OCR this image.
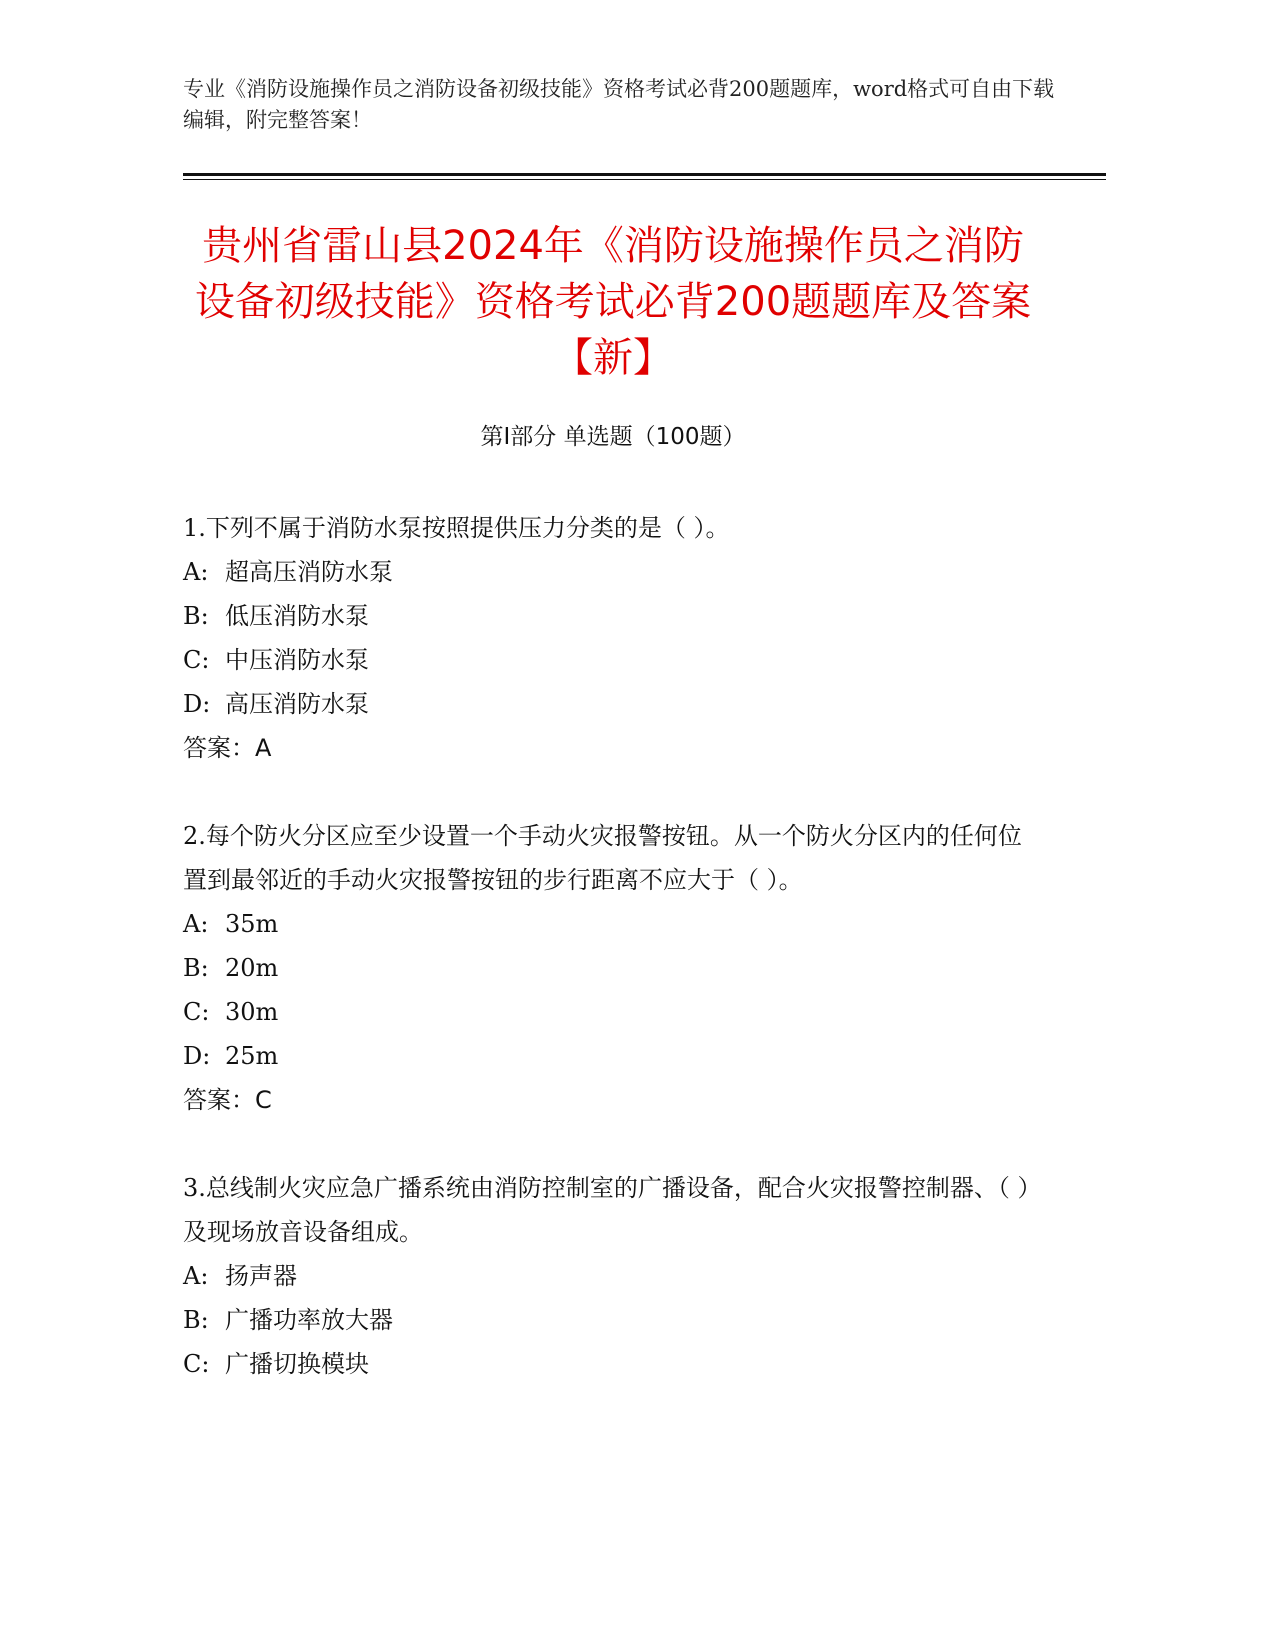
专业《消防设施操作员之消防设备初级技能》资格考试必背200题题库，word格式可自由下载编辑，附完整答案！
贵州省雷山县2024年《消防设施操作员之消防设备初级技能》资格考试必背200题题库及答案【新】
第Ⅰ部分 单选题（100题）
1.下列不属于消防水泵按照提供压力分类的是（ ）。
A: 超高压消防水泵
B: 低压消防水泵
C: 中压消防水泵
D: 高压消防水泵
答案：A
2.每个防火分区应至少设置一个手动火灾报警按钮。从一个防火分区内的任何位置到最邻近的手动火灾报警按钮的步行距离不应大于（ ）。
A: 35m
B: 20m
C: 30m
D: 25m
答案：C
3.总线制火灾应急广播系统由消防控制室的广播设备，配合火灾报警控制器、（ ）及现场放音设备组成。
A: 扬声器
B: 广播功率放大器
C: 广播切换模块
